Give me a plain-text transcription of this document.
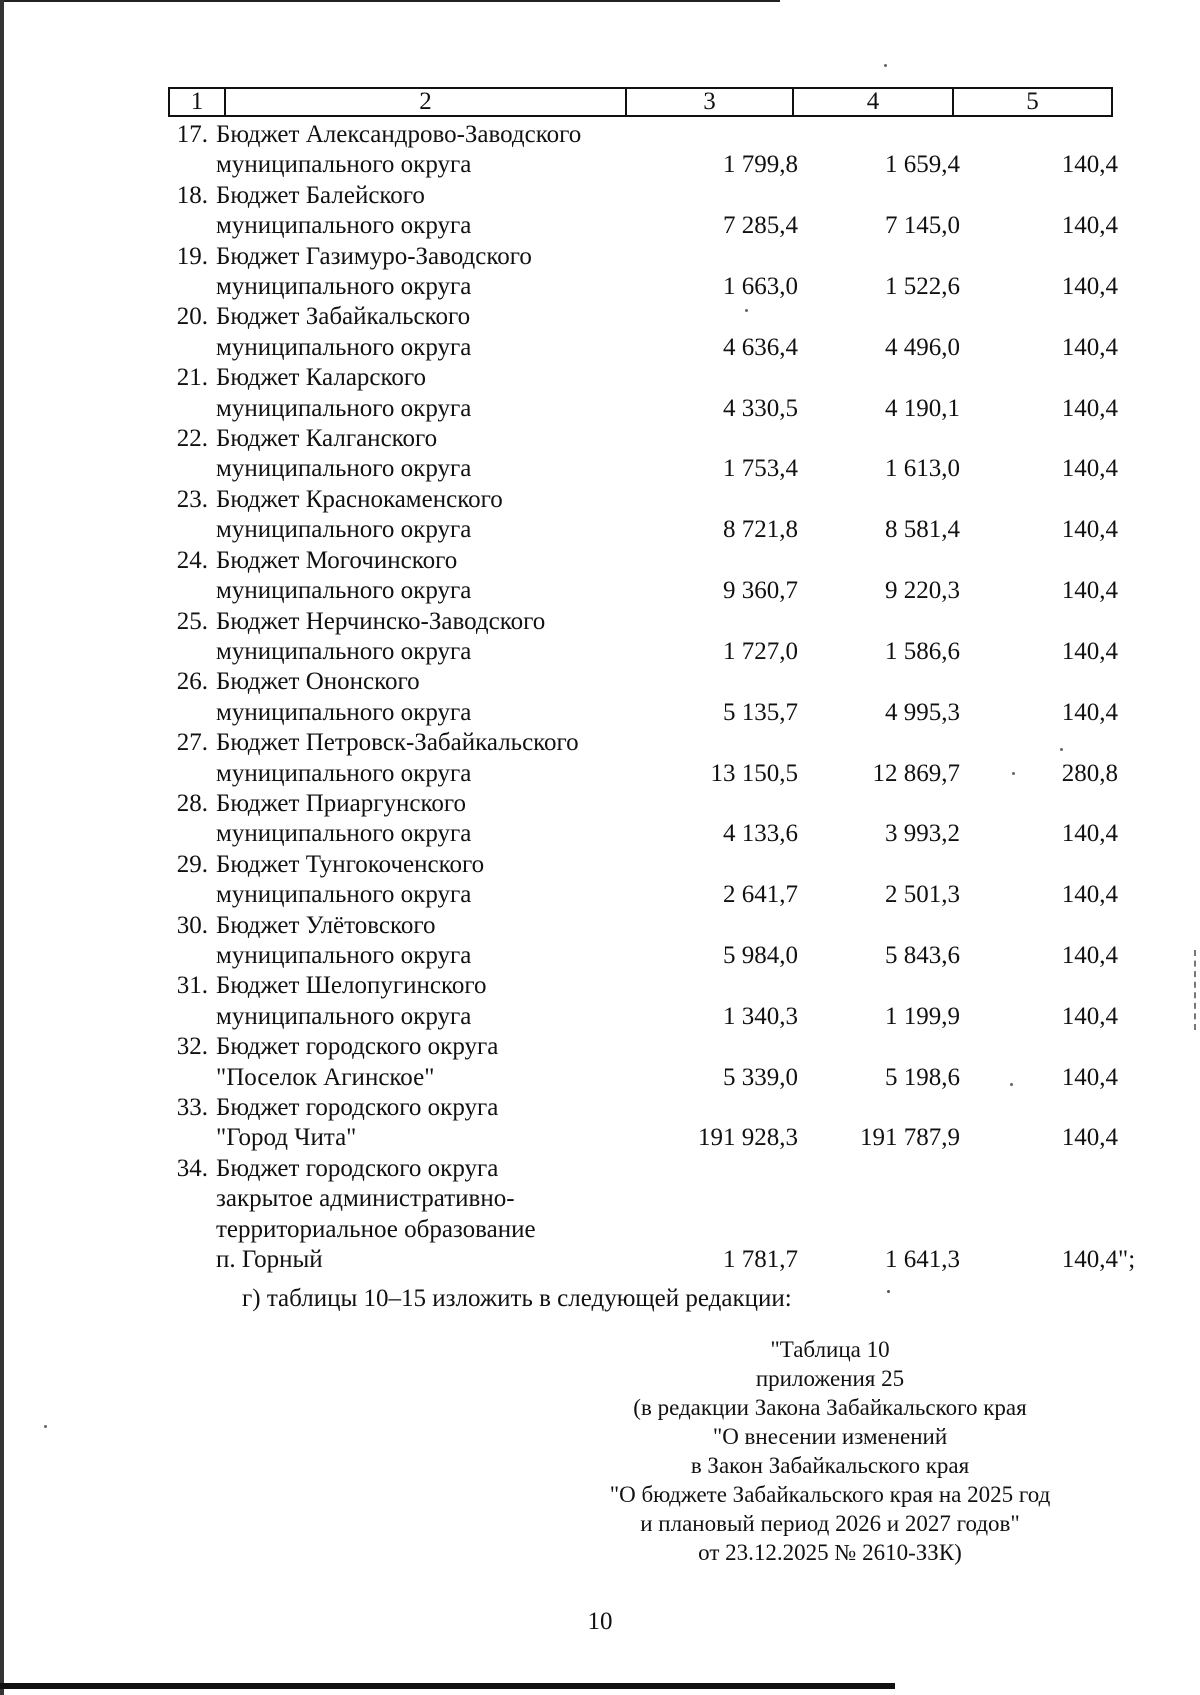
1	2	3	4	5
17.	Бюджет Александрово-Заводского				
	муниципального округа	1 799,8	1 659,4	140,4	
18.	Бюджет Балейского				
	муниципального округа	7 285,4	7 145,0	140,4	
19.	Бюджет Газимуро-Заводского				
	муниципального округа	1 663,0	1 522,6	140,4	
20.	Бюджет Забайкальского				
	муниципального округа	4 636,4	4 496,0	140,4	
21.	Бюджет Каларского				
	муниципального округа	4 330,5	4 190,1	140,4	
22.	Бюджет Калганского				
	муниципального округа	1 753,4	1 613,0	140,4	
23.	Бюджет Краснокаменского				
	муниципального округа	8 721,8	8 581,4	140,4	
24.	Бюджет Могочинского				
	муниципального округа	9 360,7	9 220,3	140,4	
25.	Бюджет Нерчинско-Заводского				
	муниципального округа	1 727,0	1 586,6	140,4	
26.	Бюджет Ононского				
	муниципального округа	5 135,7	4 995,3	140,4	
27.	Бюджет Петровск-Забайкальского				
	муниципального округа	13 150,5	12 869,7	280,8	
28.	Бюджет Приаргунского				
	муниципального округа	4 133,6	3 993,2	140,4	
29.	Бюджет Тунгокоченского				
	муниципального округа	2 641,7	2 501,3	140,4	
30.	Бюджет Улётовского				
	муниципального округа	5 984,0	5 843,6	140,4	
31.	Бюджет Шелопугинского				
	муниципального округа	1 340,3	1 199,9	140,4	
32.	Бюджет городского округа				
	"Поселок Агинское"	5 339,0	5 198,6	140,4	
33.	Бюджет городского округа				
	"Город Чита"	191 928,3	191 787,9	140,4	
34.	Бюджет городского округа				
	закрытое административно-				
	территориальное образование				
	п. Горный	1 781,7	1 641,3	140,4	";
г) таблицы 10–15 изложить в следующей редакции:
"Таблица 10
приложения 25
(в редакции Закона Забайкальского края
"О внесении изменений
в Закон Забайкальского края
"О бюджете Забайкальского края на 2025 год
и плановый период 2026 и 2027 годов"
от 23.12.2025 № 2610-ЗЗК)
10
